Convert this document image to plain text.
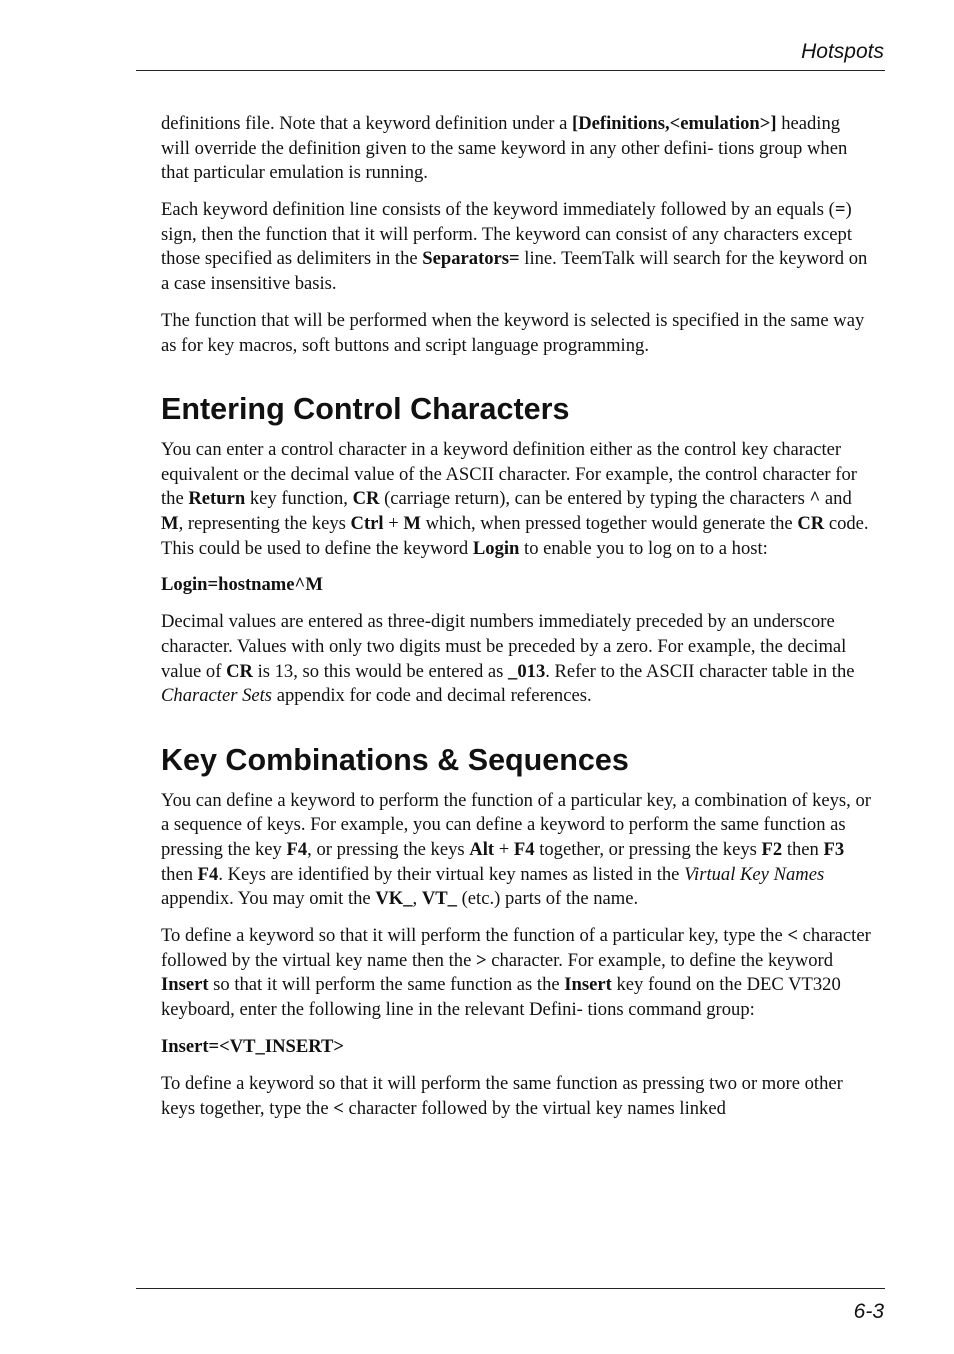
Hotspots

definitions file. Note that a keyword definition under a [Definitions,<emulation>] heading will override the definition given to the same keyword in any other defini- tions group when that particular emulation is running.

Each keyword definition line consists of the keyword immediately followed by an equals (=) sign, then the function that it will perform. The keyword can consist of any characters except those specified as delimiters in the Separators= line. TeemTalk will search for the keyword on a case insensitive basis.

The function that will be performed when the keyword is selected is specified in the same way as for key macros, soft buttons and script language programming.

Entering Control Characters

You can enter a control character in a keyword definition either as the control key character equivalent or the decimal value of the ASCII character. For example, the control character for the Return key function, CR (carriage return), can be entered by typing the characters ^ and M, representing the keys Ctrl + M which, when pressed together would generate the CR code. This could be used to define the keyword Login to enable you to log on to a host:

Login=hostname^M

Decimal values are entered as three-digit numbers immediately preceded by an underscore character. Values with only two digits must be preceded by a zero. For example, the decimal value of CR is 13, so this would be entered as _013. Refer to the ASCII character table in the Character Sets appendix for code and decimal references.

Key Combinations & Sequences

You can define a keyword to perform the function of a particular key, a combination of keys, or a sequence of keys. For example, you can define a keyword to perform the same function as pressing the key F4, or pressing the keys Alt + F4 together, or pressing the keys F2 then F3 then F4. Keys are identified by their virtual key names as listed in the Virtual Key Names appendix. You may omit the VK_, VT_ (etc.) parts of the name.

To define a keyword so that it will perform the function of a particular key, type the < character followed by the virtual key name then the > character. For example, to define the keyword Insert so that it will perform the same function as the Insert key found on the DEC VT320 keyboard, enter the following line in the relevant Defini- tions command group:

Insert=<VT_INSERT>

To define a keyword so that it will perform the same function as pressing two or more other keys together, type the < character followed by the virtual key names linked

6-3
